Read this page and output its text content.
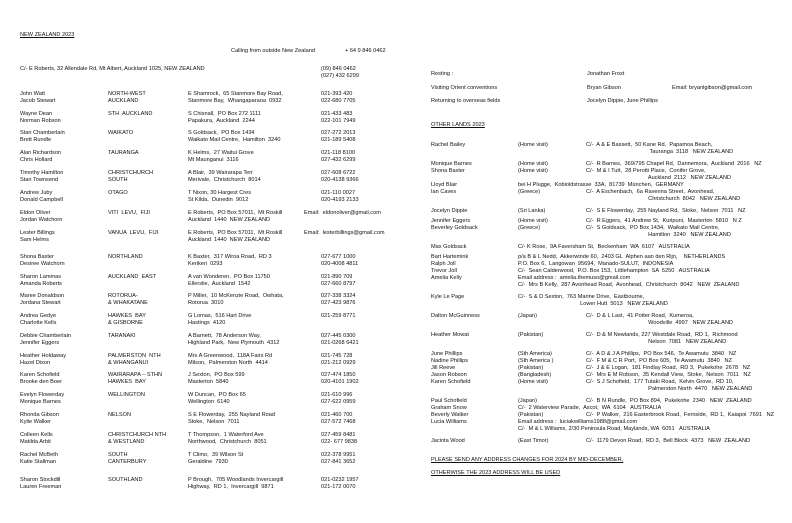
NEW ZEALAND 2023
Calling from outside New Zealand	+ 64 9 846 0462
C/- E Roberts, 32 Allendale Rd, Mt Albert, Auckland 1025, NEW ZEALAND	(09) 846 0462
(027) 432 6299
John Watt	NORTH-WEST	E Shamrock,  65 Stanmore Bay Road,	021-393 420
Jacob Stewart	AUCKLAND	Stanmore Bay,  Whangaparaoa  0932	022-680 7705
Wayne Dean	STH  AUCKLAND	S Chisnall,  PO Box 272 1111	021-433 483
Norman Robson	Papakura,  Auckland  2244	022-101 7949
Stan Chamberlain	WAIKATO	S Goldsack,  PO Box 1434	027-272 2013
Brett Rundle	Waikato Mail Centre,  Hamilton  3240	021-189 5408
Alan Richardson	TAURANGA	K Helms,  27 Waitui Grove	021-118 8100
Chris Hollard	Mt Maunganui  3116	027-432 6299
Timothy Hamilton	CHRISTCHURCH	A Blair,  39 Wairarapa Terr	027-608 6722
Stan Townsend	SOUTH	Merivale,  Christchurch  8014	020-4138 9366
Andrew Juby	OTAGO	T Nixon, 30 Hargest Cres	021-110 0027
Donald Campbell	St Kilda,  Dunedin  9012	020-4193 2133
Eldon Oliver	VITI  LEVU,  FIJI	E Roberts,  PO Box 57011,  Mt Roskill	Email:  eldonoliver@gmail.com
Jordan Watchorn	Auckland  1440  NEW ZEALAND
Lester Billings	VANUA  LEVU,  FIJI	E Roberts,  PO Box 57011,  Mt Roskill	Email:  lesterbillings@gmail.com
Sam Helms	Auckland  1440  NEW ZEALAND
Shona Baxter	NORTHLAND	K Baxter,  317 Wiroa Road,  RD 3	027-677 1000
Desiree Watchorn	Kerikeri  0293	020-4008 4811
Sharon Lammas	AUCKLAND  EAST	A van Wonderen,  PO Box 11750	021-890 709
Amanda Roberts	Ellerslie,  Auckland  1542	027-660 8797
Maree Donaldson	ROTORUA-	P Miller,  10 McKenzie Road,  Owhata,	027-338 3324
Jordana Stewart	& WHAKATANE	Rotorua  3010	027-423 9876
Andrea Gedye	HAWKES  BAY	G Lomas,  516 Hart Drive	021-259 8771
Charlotte Kells	& GISBORNE	Hastings  4120
Debbie Chamberlain	TARANAKI	A Barnett,  78 Anderson Way,	027-445 0300
Jennifer Eggers	Highland Park,  New Plymouth  4312	021-0268 6421
Heather Holdaway	PALMERSTON  NTH	Mrs A Greenwood,  118A Fairs Rd	021-745 728
Hazel Dixon	& WHANGANUI	Milson,  Palmerston North  4414	021-212 0929
Karen Schofield	WAIRARAPA – STHN	J Sexton,  PO Box 599	027-474 1850
Brooke den Boer	HAWKES  BAY	Masterton  5840	020-4101 1902
Evelyn Flowerday	WELLINGTON	W Duncan,  PO Box 65	021-610 996
Monique Barnes	Wellington  6140	027-622 0959
Rhonda Gibson	NELSON	S E Flowerday,  255 Nayland Road	021-460 700
Kylie Walker	Stoke,  Nelson  7011	027-572 7468
Colleen Kells	CHRISTCHURCH NTH	T Thompson,  1 Waterford Ave	027-459 8481
Matilda Arbit	& WESTLAND	Northwood,  Christchurch  8051	022- 677 9838
Rachel McBeth	SOUTH	T Climo,  39 Wilson St	022-378 9951
Katie Stallman	CANTERBURY	Geraldine  7930	027-841 3652
Sharon Stockdill	SOUTHLAND	P Brough,  705 Woodlands Invercargill	021-0232 1957
Lauren Freeman	Highway,  RD 1,  Invercargill  9871	021-172 0070
Resting :	Jonathan Frost
Visiting Orient conventions	Bryan Gibson	Email: bryanlgibson@gmail.com
Returning to overseas fields	Jocelyn Dippie, June Phillips
OTHER LANDS 2023
Rachel Bailey	(Home visit)	C/-  A & E Bassett,  50 Kane Rd,  Papamoa Beach,
Tauranga  3118   NEW ZEALAND
Monique Barnes	(Home visit)	C/-  R Barnes,  369/795 Chapel Rd,  Dannemora,  Auckland  2016   NZ
Shona Baxter	(Home visit)	C/-  M & I Tutt,  28 Perotti Place,  Conifer Grove,
Auckland  2112   NEW ZEALAND
Lloyd Blair	bei H Plugge,  Kobioldstrasse  33A,  81739  München,  GERMANY
Ian Caves	(Greece)	C/-  A Eschenbach,  6a Ravenna Street,  Avonhead,
Christchurch  8042   NEW ZEALAND
Jocelyn Dippie	(Sri Lanka)	C/-  S E Flowerday,  255 Nayland Rd,  Stoke,  Nelson  7011   NZ
Jennifer Eggers	(Home visit)	C/-  R Eggers,  41 Andrew St,  Kuripuni,  Masterton  5810   N Z
Beverley Goldsack	(Greece)	C/-  S Goldsack,  PO Box 1434,  Waikato Mail Centre,
Hamilton  3240   NEW ZEALAND
Max Goldsack	C/- K Rose,  9A Faversham St,  Beckenham  WA  6107   AUSTRALIA
Bart Hartemink	p/a B & L Nedd,  Akkerwinde 60,  2403 GL  Alphen aan den Rijn,    NETHERLANDS
Ralph Joll	P.O. Box 6,  Langowan  95694,  Manado-SULUT,  INDONESIA
Trevor Joll	C/-  Sean Calderwood,  P.O. Box 153,  Littlehampton  SA  5250   AUSTRALIA
Amelia Kelly	Email address :  amelia.themuso@gmail.com
C/-  Mrs B Kelly,  287 Avonhead Road,  Avonhead,  Christchurch  8042   NEW  ZEALAND
Kyle Le Page	C/-  S & D Sexton,  763 Marine Drive,  Eastbourne,
Lower Hutt  5013   NEW ZEALAND
Dalton McGuinness	(Japan)	C/-  D & L Last,  41 Potter Road,  Kumeroa,
Woodville  4997   NEW ZEALAND
Heather Mowat	(Pakistan)	C/-  D & M Newlands, 227 Westdale Road,  RD 1,  Richmond
Nelson  7081   NEW ZEALAND
June Phillips	(Sth America)	C/-  A D & J A Phillips,  PO Box 546,  Te Awamutu  3840   NZ
Nadine Phillips	(Sth America )	C/-  F M & C R Port,  PO Box 605,  Te Awamutu  3840   NZ
Jill Reeve	(Pakistan)	C/-  J & E Logan,  181 Findlay Road,  RD 3,  Pukekohe  2678   NZ
Jason Robson	(Bangladesh)	C/-  Mrs E M Robson,  35 Kendall View,  Stoke,  Nelson  7011   NZ
Karen Schofield	(Home visit)	C/-  S J Schofield,  177 Tutaki Road,  Kelvin Grove,  RD 10,
Palmerston North  4470   NEW ZEALAND
Paul Schofield	(Japan)	C/-  B N Rundle,  PO Box 894,  Pukekohe  2340   NEW  ZEALAND
Graham Snow	C/-  2 Waterview Parade,  Ascot,  WA  6104   AUSTRALIA
Beverly Walker	(Pakistan)	C/-  P Walker,  216 Easterbrook Road,  Fernside,  RD 1,  Kaiapoi  7691   NZ
Lucia Williams	Email address :  luciakwilliams1988@gmail.com
C/-  M & L Williams, 2/30 Peninsula Road, Maylands, WA  6051   AUSTRALIA
Jacinta Wood	(East Timor)	C/-  1179 Devon Road,  RD 3,  Bell Block  4373   NEW  ZEALAND
PLEASE SEND ANY ADDRESS CHANGES FOR 2024 BY MID-DECEMBER,
OTHERWISE THE 2023 ADDRESS WILL BE USED
